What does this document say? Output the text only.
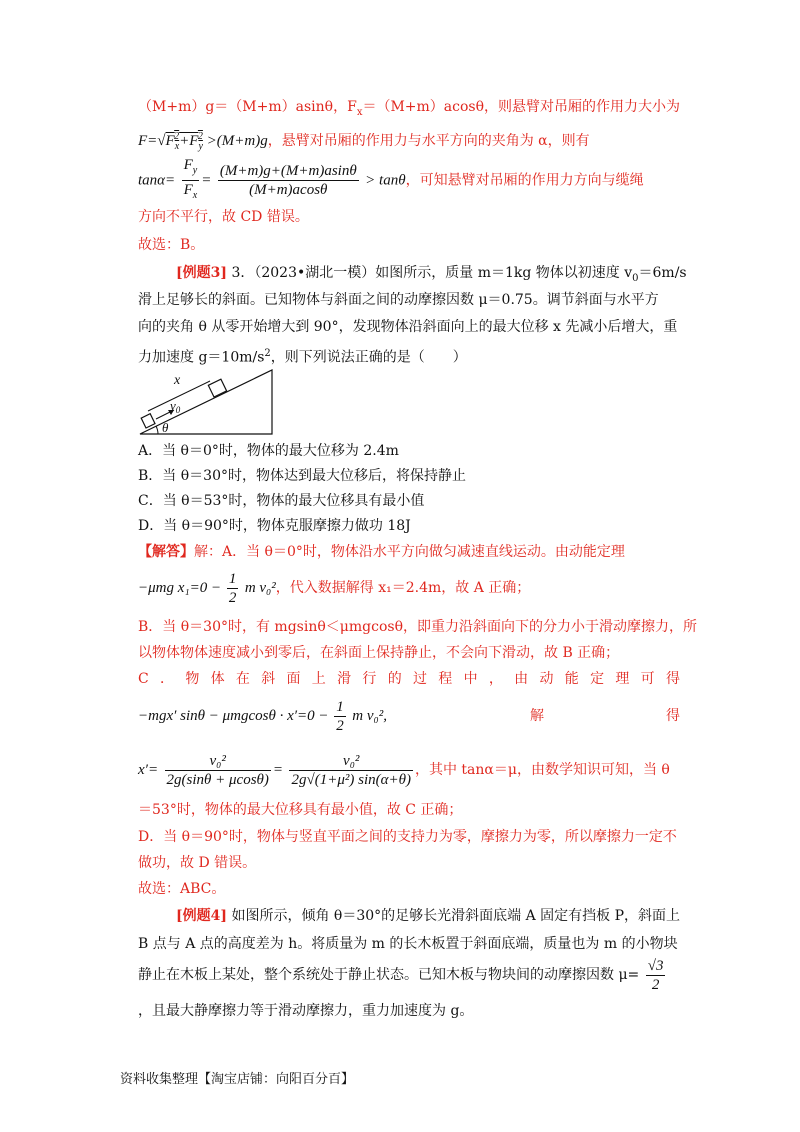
（M+m）g＝（M+m）asinθ，$F_x=(M+m)acos\theta$，则悬臂对吊厢的作用力大小为
$F=√F_x^2+F_y^2 >(M+m)g$，悬臂对吊厢的作用力与水平方向的夹角为 α，则有
$\tan\alpha= \frac{F_y}{F_x} = \frac{(M+m)g+(M+m)asin\theta}{(M+m)acos\theta} > \tan\theta$，可知悬臂对吊厢的作用力方向与缆绳
方向不平行，故 CD 错误。
故选：B。
[例题3] 3．（2023•湖北一模）如图所示，质量 m＝1kg 物体以初速度 $v_0=6m/s$
滑上足够长的斜面。已知物体与斜面之间的动摩擦因数 μ＝0.75。调节斜面与水平方
向的夹角 θ 从零开始增大到 90°，发现物体沿斜面向上的最大位移 x 先减小后增大，重
力加速度 $g=10m/s^2$，则下列说法正确的是（　　）
x
$v_0$
θ
A．当 θ＝0°时，物体的最大位移为 2.4m
B．当 θ＝30°时，物体达到最大位移后，将保持静止
C．当 θ＝53°时，物体的最大位移具有最小值
D．当 θ＝90°时，物体克服摩擦力做功 18J
【解答】解：A．当 θ＝0°时，物体沿水平方向做匀减速直线运动。由动能定理
−μmg $x_1=0 - \frac{1}{2}$ m v₀²，代入数据解得 x₁＝2.4m，故 A 正确；
B．当 θ＝30°时，有 mgsinθ＜μmgcosθ，即重力沿斜面向下的分力小于滑动摩擦力，所
以物体物体速度减小到零后，在斜面上保持静止，不会向下滑动，故 B 正确；
C ． 物 体 在 斜 面 上 滑 行 的 过 程 中 ， 由 动 能 定 理 可 得
−mgx′ $\sin\theta - \mu mgcos\theta \cdot x'=0 - \frac{1}{2}$ m v₀²,	解	得
$x'= \frac{\text{v₀²}}{2g(\sin\theta + \mu\cos\theta)} = \frac{\text{v₀²}}{\text{2g√(1+μ²) sin(α+θ)}}$ ，其中 tanα＝μ，由数学知识可知，当 θ
＝53°时，物体的最大位移具有最小值，故 C 正确；
D．当 θ＝90°时，物体与竖直平面之间的支持力为零，摩擦力为零，所以摩擦力一定不
做功，故 D 错误。
故选：ABC。
[例题4] 如图所示，倾角 θ＝30°的足够长光滑斜面底端 A 固定有挡板 P，斜面上
B 点与 A 点的高度差为 h。将质量为 m 的长木板置于斜面底端，质量也为 m 的小物块
静止在木板上某处，整个系统处于静止状态。已知木板与物块间的动摩擦因数 $\mu= \frac{√3}{2}$
，且最大静摩擦力等于滑动摩擦力，重力加速度为 g。
资料收集整理【淘宝店铺：向阳百分百】
